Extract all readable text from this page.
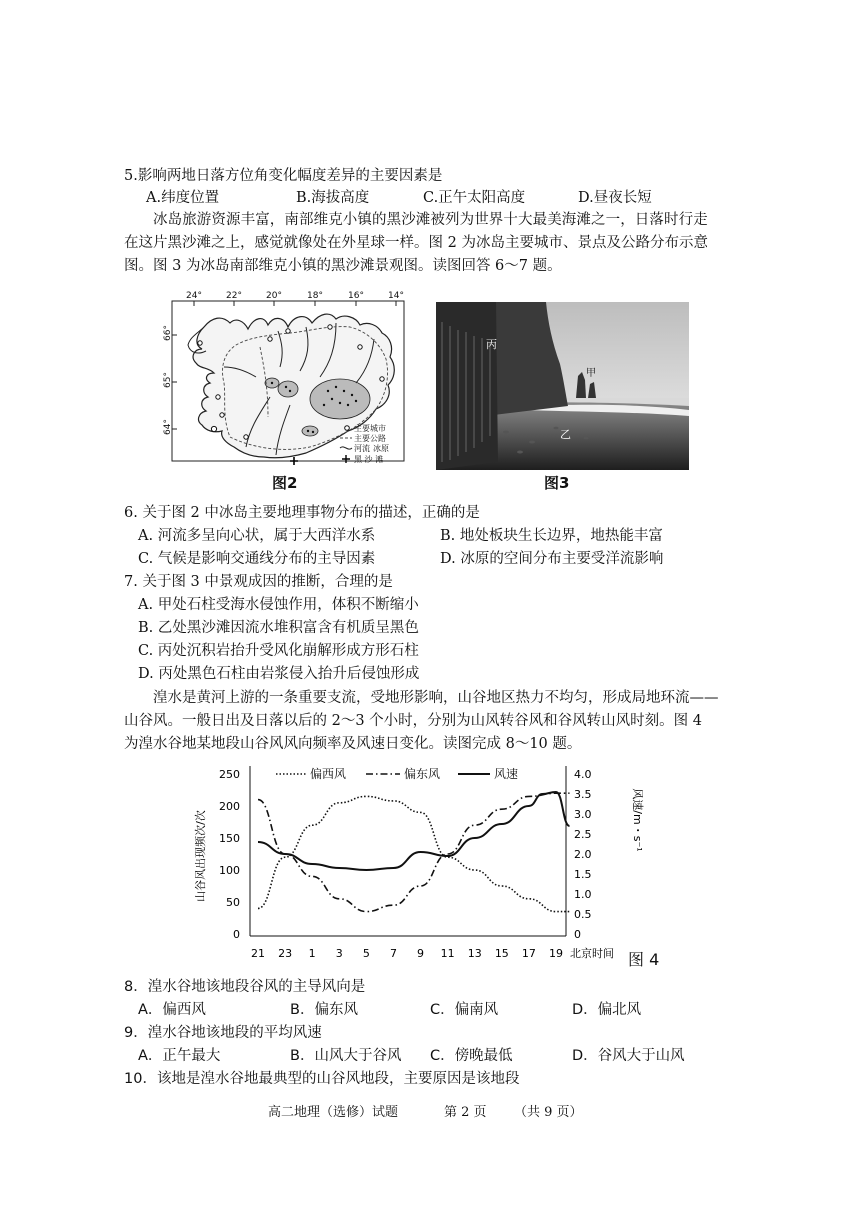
5.影响两地日落方位角变化幅度差异的主要因素是
A.纬度位置	B.海拔高度	C.正午太阳高度	D.昼夜长短
冰岛旅游资源丰富，南部维克小镇的黑沙滩被列为世界十大最美海滩之一，日落时行走
在这片黑沙滩之上，感觉就像处在外星球一样。图 2 为冰岛主要城市、景点及公路分布示意
图。图 3 为冰岛南部维克小镇的黑沙滩景观图。读图回答 6～7 题。
主要城市
主要公路
河流 冰原
黑 沙 滩
24°	22°	20°	18°	16°	14°
66°
65°
64°
图2
丙
甲
乙
图3
6. 关于图 2 中冰岛主要地理事物分布的描述，正确的是
A. 河流多呈向心状，属于大西洋水系	B. 地处板块生长边界，地热能丰富
C. 气候是影响交通线分布的主导因素	D. 冰原的空间分布主要受洋流影响
7. 关于图 3 中景观成因的推断，合理的是
A. 甲处石柱受海水侵蚀作用，体积不断缩小
B. 乙处黑沙滩因流水堆积富含有机质呈黑色
C. 丙处沉积岩抬升受风化崩解形成方形石柱
D. 丙处黑色石柱由岩浆侵入抬升后侵蚀形成
湟水是黄河上游的一条重要支流，受地形影响，山谷地区热力不均匀，形成局地环流——
山谷风。一般日出及日落以后的 2～3 个小时，分别为山风转谷风和谷风转山风时刻。图 4
为湟水谷地某地段山谷风风向频率及风速日变化。读图完成 8～10 题。
山谷风出现频次/次	风速/m・s⁻¹
北京时间
偏西风	偏东风	风速
250
200
150
100
50
0
4.0
3.5
3.0
2.5
2.0
1.5
1.0
0.5
0
21 23 1 3 5 7 9 11 13 15 17 19	图 4
8．湟水谷地该地段谷风的主导风向是
A．偏西风	B．偏东风	C．偏南风	D．偏北风
9．湟水谷地该地段的平均风速
A．正午最大	B．山风大于谷风 C．傍晚最低	D．谷风大于山风
10．该地是湟水谷地最典型的山谷风地段，主要原因是该地段
高二地理（选修）试题	第 2 页 （共 9 页）
